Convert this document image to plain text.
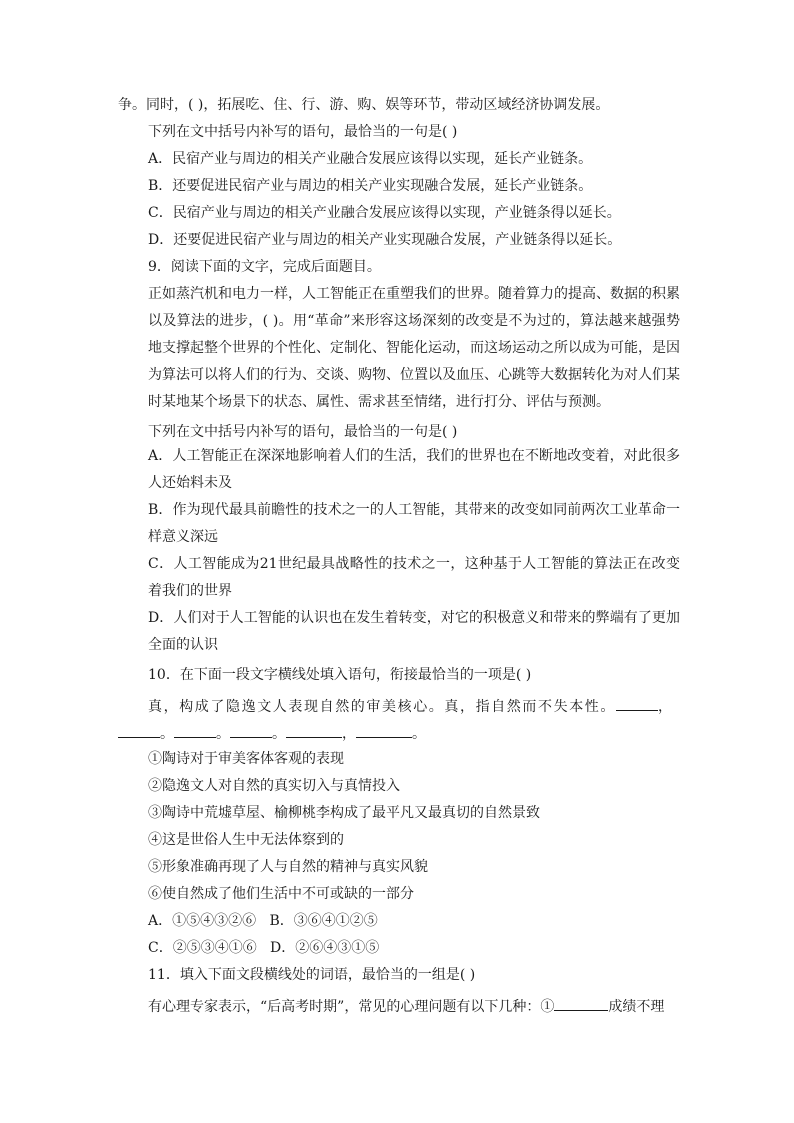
争。同时，( )，拓展吃、住、行、游、购、娱等环节，带动区域经济协调发展。
下列在文中括号内补写的语句，最恰当的一句是( )
A．民宿产业与周边的相关产业融合发展应该得以实现，延长产业链条。
B．还要促进民宿产业与周边的相关产业实现融合发展，延长产业链条。
C．民宿产业与周边的相关产业融合发展应该得以实现，产业链条得以延长。
D．还要促进民宿产业与周边的相关产业实现融合发展，产业链条得以延长。
9．阅读下面的文字，完成后面题目。
正如蒸汽机和电力一样，人工智能正在重塑我们的世界。随着算力的提高、数据的积累以及算法的进步，( )。用“革命”来形容这场深刻的改变是不为过的，算法越来越强势地支撑起整个世界的个性化、定制化、智能化运动，而这场运动之所以成为可能，是因为算法可以将人们的行为、交谈、购物、位置以及血压、心跳等大数据转化为对人们某时某地某个场景下的状态、属性、需求甚至情绪，进行打分、评估与预测。
下列在文中括号内补写的语句，最恰当的一句是( )
A．人工智能正在深深地影响着人们的生活，我们的世界也在不断地改变着，对此很多人还始料未及
B．作为现代最具前瞻性的技术之一的人工智能，其带来的改变如同前两次工业革命一样意义深远
C．人工智能成为21世纪最具战略性的技术之一，这种基于人工智能的算法正在改变着我们的世界
D．人们对于人工智能的认识也在发生着转变，对它的积极意义和带来的弊端有了更加全面的认识
10．在下面一段文字横线处填入语句，衔接最恰当的一项是( )
真，构成了隐逸文人表现自然的审美核心。真，指自然而不失本性。	，
。	。	。	，	。
①陶诗对于审美客体客观的表现
②隐逸文人对自然的真实切入与真情投入
③陶诗中荒墟草屋、榆柳桃李构成了最平凡又最真切的自然景致
④这是世俗人生中无法体察到的
⑤形象准确再现了人与自然的精神与真实风貌
⑥使自然成了他们生活中不可或缺的一部分
A．①⑤④③②⑥   B．③⑥④①②⑤
C．②⑤③④①⑥   D．②⑥④③①⑤
11．填入下面文段横线处的词语，最恰当的一组是( )
有心理专家表示，“后高考时期”，常见的心理问题有以下几种：①	成绩不理
